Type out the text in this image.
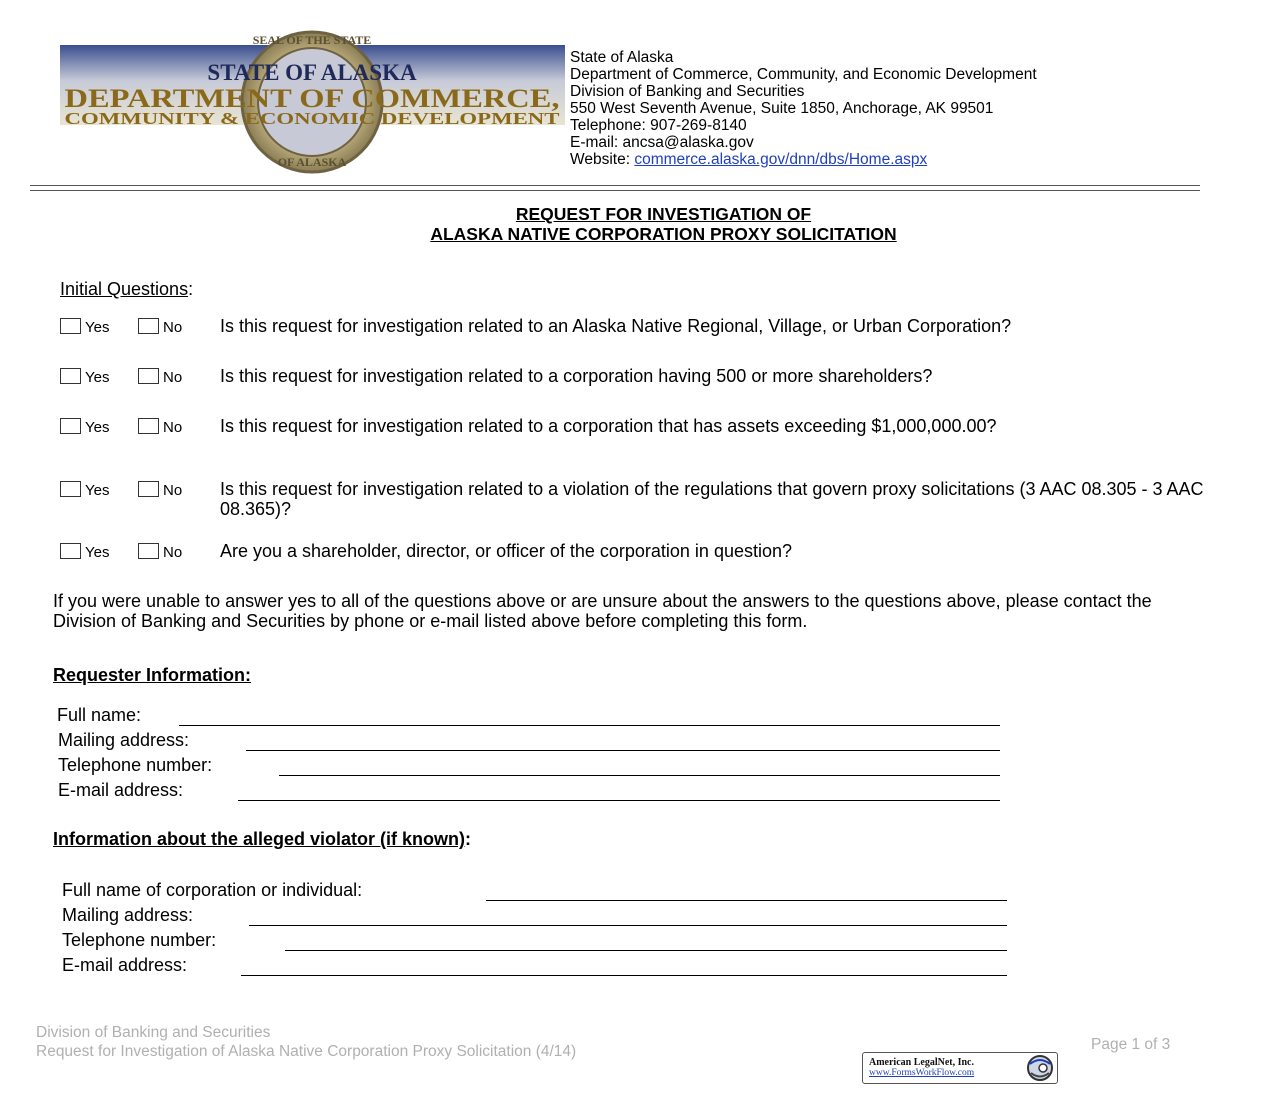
SEAL OF THE STATE
OF ALASKA
STATE OF ALASKA
DEPARTMENT OF COMMERCE,
COMMUNITY & ECONOMIC DEVELOPMENT
State of Alaska
Department of Commerce, Community, and Economic Development
Division of Banking and Securities
550 West Seventh Avenue, Suite 1850, Anchorage, AK 99501
Telephone: 907-269-8140
E-mail: ancsa@alaska.gov
Website: commerce.alaska.gov/dnn/dbs/Home.aspx
REQUEST FOR INVESTIGATION OF
ALASKA NATIVE CORPORATION PROXY SOLICITATION
Initial Questions:
Yes	No Is this request for investigation related to an Alaska Native Regional, Village, or Urban Corporation?
Yes	No Is this request for investigation related to a corporation having 500 or more shareholders?
Yes	No Is this request for investigation related to a corporation that has assets exceeding $1,000,000.00?
Yes	No Is this request for investigation related to a violation of the regulations that govern proxy solicitations (3 AAC 08.305 - 3 AAC 08.365)?
Yes	No Are you a shareholder, director, or officer of the corporation in question?
If you were unable to answer yes to all of the questions above or are unsure about the answers to the questions above, please contact the Division of Banking and Securities by phone or e-mail listed above before completing this form.
Requester Information:
Full name:
Mailing address:
Telephone number:
E-mail address:
Information about the alleged violator (if known):
Full name of corporation or individual:
Mailing address:
Telephone number:
E-mail address:
Division of Banking and Securities
Request for Investigation of Alaska Native Corporation Proxy Solicitation (4/14)	Page 1 of 3
American LegalNet, Inc.
www.FormsWorkFlow.com
